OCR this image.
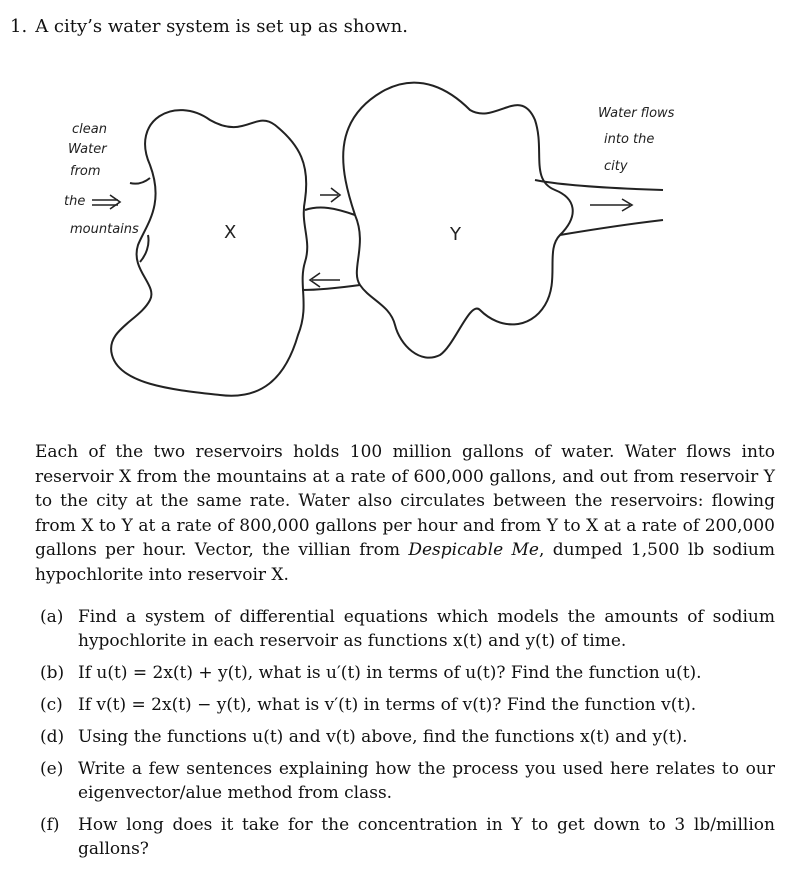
1. A city’s water system is set up as shown.
clean
Water
from
the
mountains
Water flows
into the
city
X	Y
Each of the two reservoirs holds 100 million gallons of water. Water flows into reservoir X from the mountains at a rate of 600,000 gallons, and out from reservoir Y to the city at the same rate. Water also circulates between the reservoirs: flowing from X to Y at a rate of 800,000 gallons per hour and from Y to X at a rate of 200,000 gallons per hour. Vector, the villian from Despicable Me, dumped 1,500 lb sodium hypochlorite into reservoir X.
(a) Find a system of differential equations which models the amounts of sodium hypochlorite in each reservoir as functions x(t) and y(t) of time.
(b) If u(t) = 2x(t) + y(t), what is u′(t) in terms of u(t)? Find the function u(t).
(c) If v(t) = 2x(t) − y(t), what is v′(t) in terms of v(t)? Find the function v(t).
(d) Using the functions u(t) and v(t) above, find the functions x(t) and y(t).
(e) Write a few sentences explaining how the process you used here relates to our eigenvector/alue method from class.
(f) How long does it take for the concentration in Y to get down to 3 lb/million gallons?
